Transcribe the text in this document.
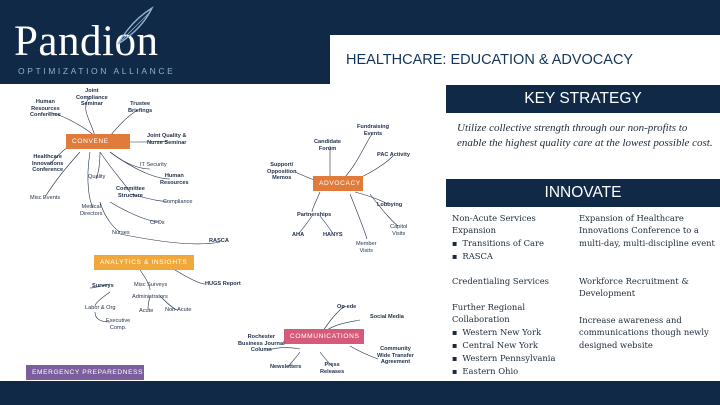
Pandion
OPTIMIZATION ALLIANCE
HEALTHCARE: EDUCATION & ADVOCACY
CONVENE
ADVOCACY
ANALYTICS & INSIGHTS
COMMUNICATIONS
EMERGENCY PREPAREDNESS
Joint
Compliance
Seminar
Human
Resources
Conference
Trustee
Briefings
Joint Quality &
Nurse Seminar
Healthcare
Innovations
Conference
Quality
IT Security
Human
Resources
Committee
Structure
Compliance
Misc Events
Medical
Directors
CFOs
Nurses
RASCA
Fundraising
Events
Candidate
Forum
PAC Activity
Support/
Opposition
Memos
Lobbying
Partnerships
AHA	HANYS
Member
Visits
Capitol
Visits
Surveys	Misc Surveys	HUGS Report
Administrators
Labor & Org	Acute Non-Acute
Executive
Comp.
Op-ede
Social Media
Rochester
Business Journal
Column
Newsletters	Press
Releases
Community
Wide Transfer
Agreement
KEY STRATEGY
Utilize collective strength through our non-profits to enable the highest quality care at the lowest possible cost.
INNOVATE
Non-Acute Services Expansion
▪ Transitions of Care
▪ RASCA
Credentialing Services
Further Regional Collaboration
▪ Western New York
▪ Central New York
▪ Western Pennsylvania
▪ Eastern Ohio
Expansion of Healthcare Innovations Conference to a multi-day, multi-discipline event
Workforce Recruitment & Development
Increase awareness and communications though newly designed website
